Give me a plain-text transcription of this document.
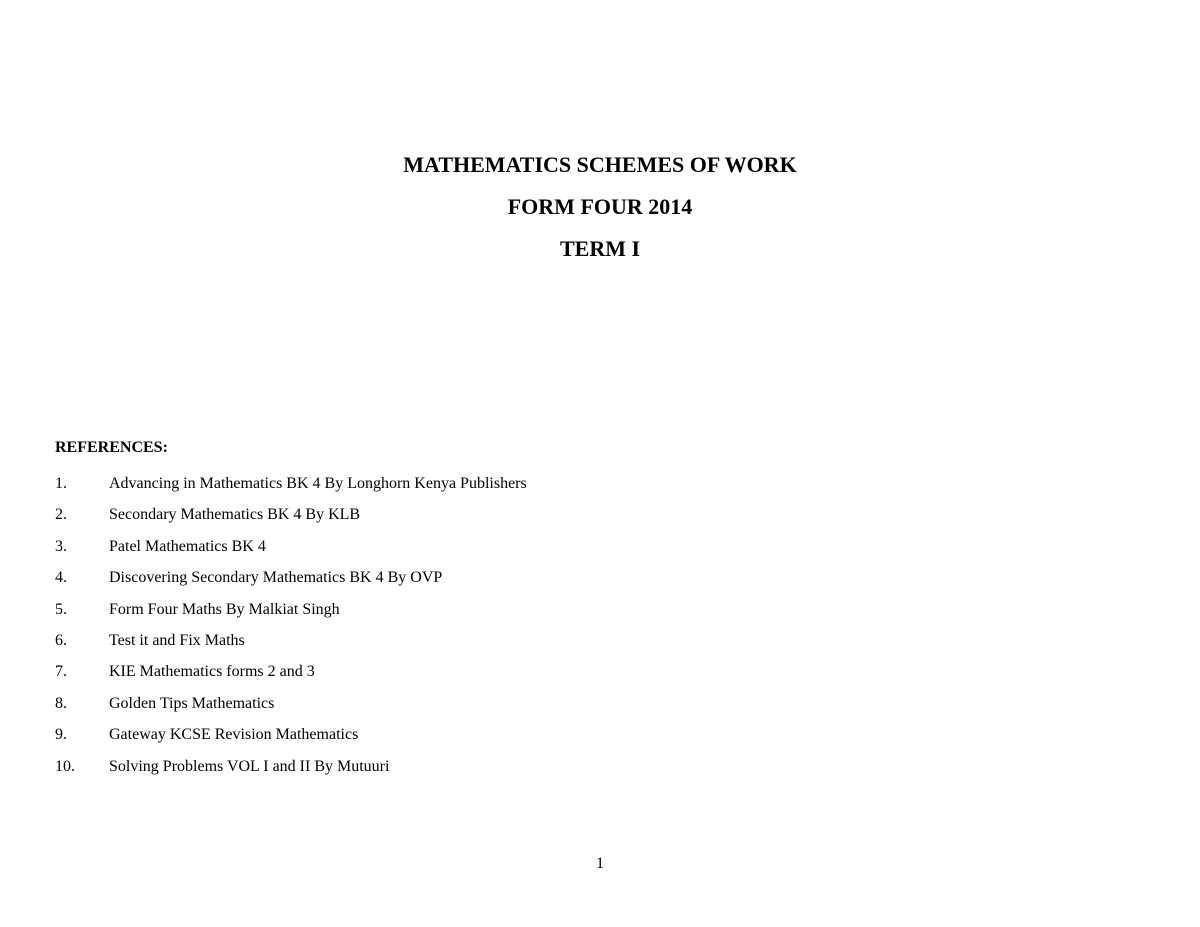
MATHEMATICS SCHEMES OF WORK

FORM FOUR 2014

TERM I

REFERENCES:

1.	Advancing in Mathematics BK 4 By Longhorn Kenya Publishers
2.	Secondary Mathematics BK 4 By KLB
3.	Patel Mathematics BK 4
4.	Discovering Secondary Mathematics BK 4 By OVP
5.	Form Four Maths By Malkiat Singh
6.	Test it and Fix Maths
7.	KIE Mathematics forms 2 and 3
8.	Golden Tips Mathematics
9.	Gateway KCSE Revision Mathematics
10.	Solving Problems VOL I and II By Mutuuri
1
